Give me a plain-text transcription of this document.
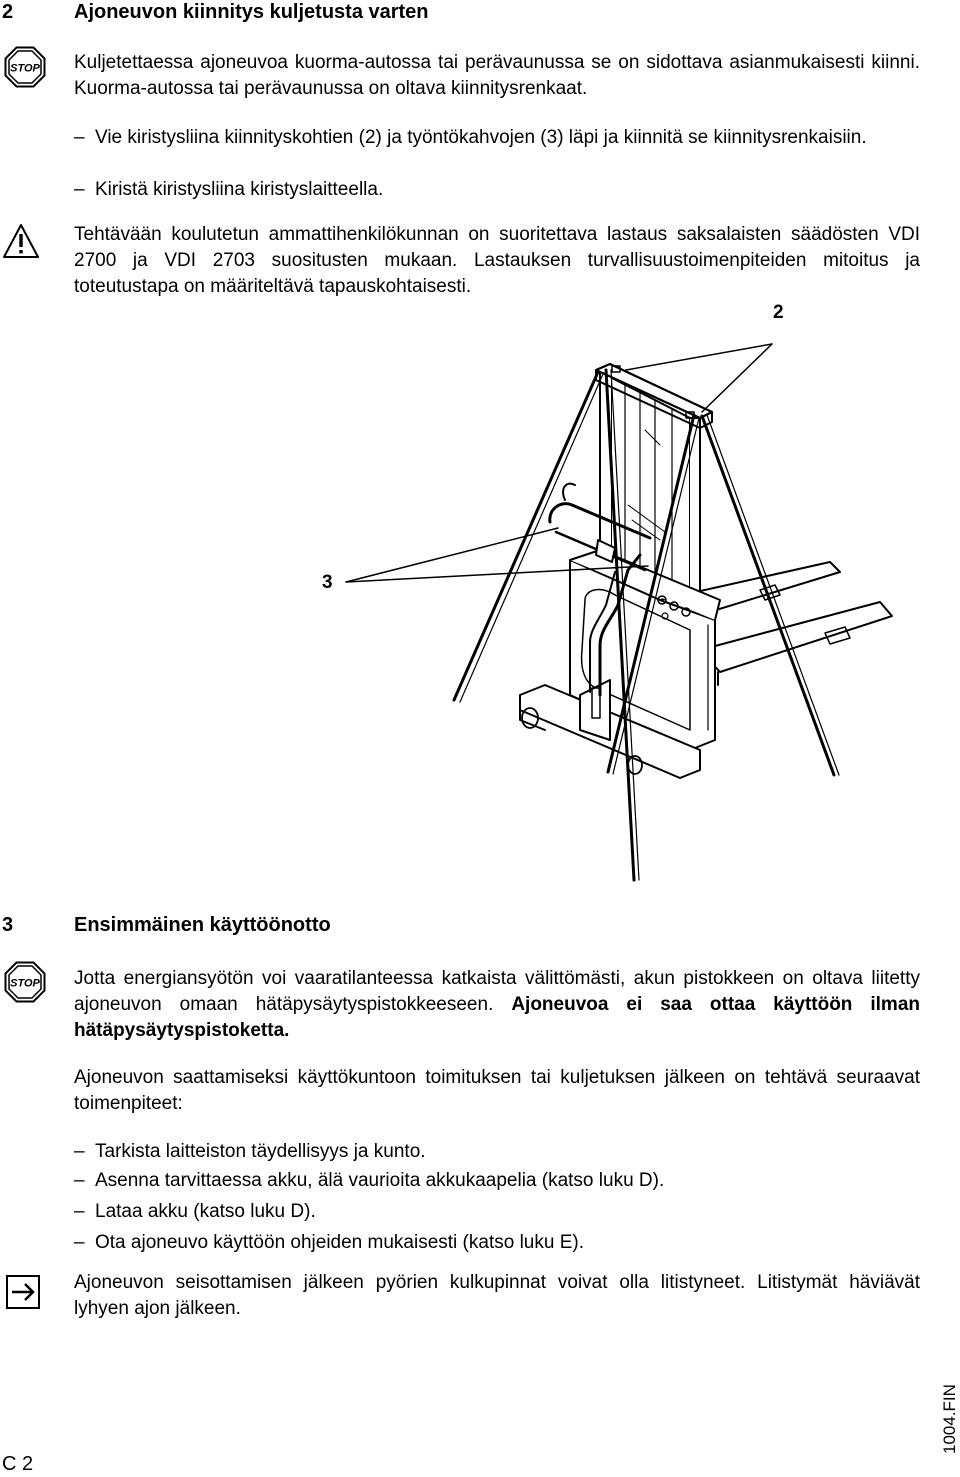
2	Ajoneuvon kiinnitys kuljetusta varten
STOP Kuljetettaessa ajoneuvoa kuorma-autossa tai perävaunussa se on sidottava asianmukaisesti kiinni. Kuorma-autossa tai perävaunussa on oltava kiinnitysrenkaat.
– Vie kiristysliina kiinnityskohtien (2) ja työntökahvojen (3) läpi ja kiinnitä se kiinnitysrenkaisiin.
– Kiristä kiristysliina kiristyslaitteella.
Tehtävään koulutetun ammattihenkilökunnan on suoritettava lastaus saksalaisten säädösten VDI 2700 ja VDI 2703 suositusten mukaan. Lastauksen turvallisuustoimenpiteiden mitoitus ja toteutustapa on määriteltävä tapauskohtaisesti.
2
3
3	Ensimmäinen käyttöönotto
STOP Jotta energiansyötön voi vaaratilanteessa katkaista välittömästi, akun pistokkeen on oltava liitetty ajoneuvon omaan hätäpysäytyspistokkeeseen. Ajoneuvoa ei saa ottaa käyttöön ilman hätäpysäytyspistoketta.
Ajoneuvon saattamiseksi käyttökuntoon toimituksen tai kuljetuksen jälkeen on tehtävä seuraavat toimenpiteet:
– Tarkista laitteiston täydellisyys ja kunto.
– Asenna tarvittaessa akku, älä vaurioita akkukaapelia (katso luku D).
– Lataa akku (katso luku D).
– Ota ajoneuvo käyttöön ohjeiden mukaisesti (katso luku E).
Ajoneuvon seisottamisen jälkeen pyörien kulkupinnat voivat olla litistyneet. Litistymät häviävät lyhyen ajon jälkeen.
C 2
1004.FIN
